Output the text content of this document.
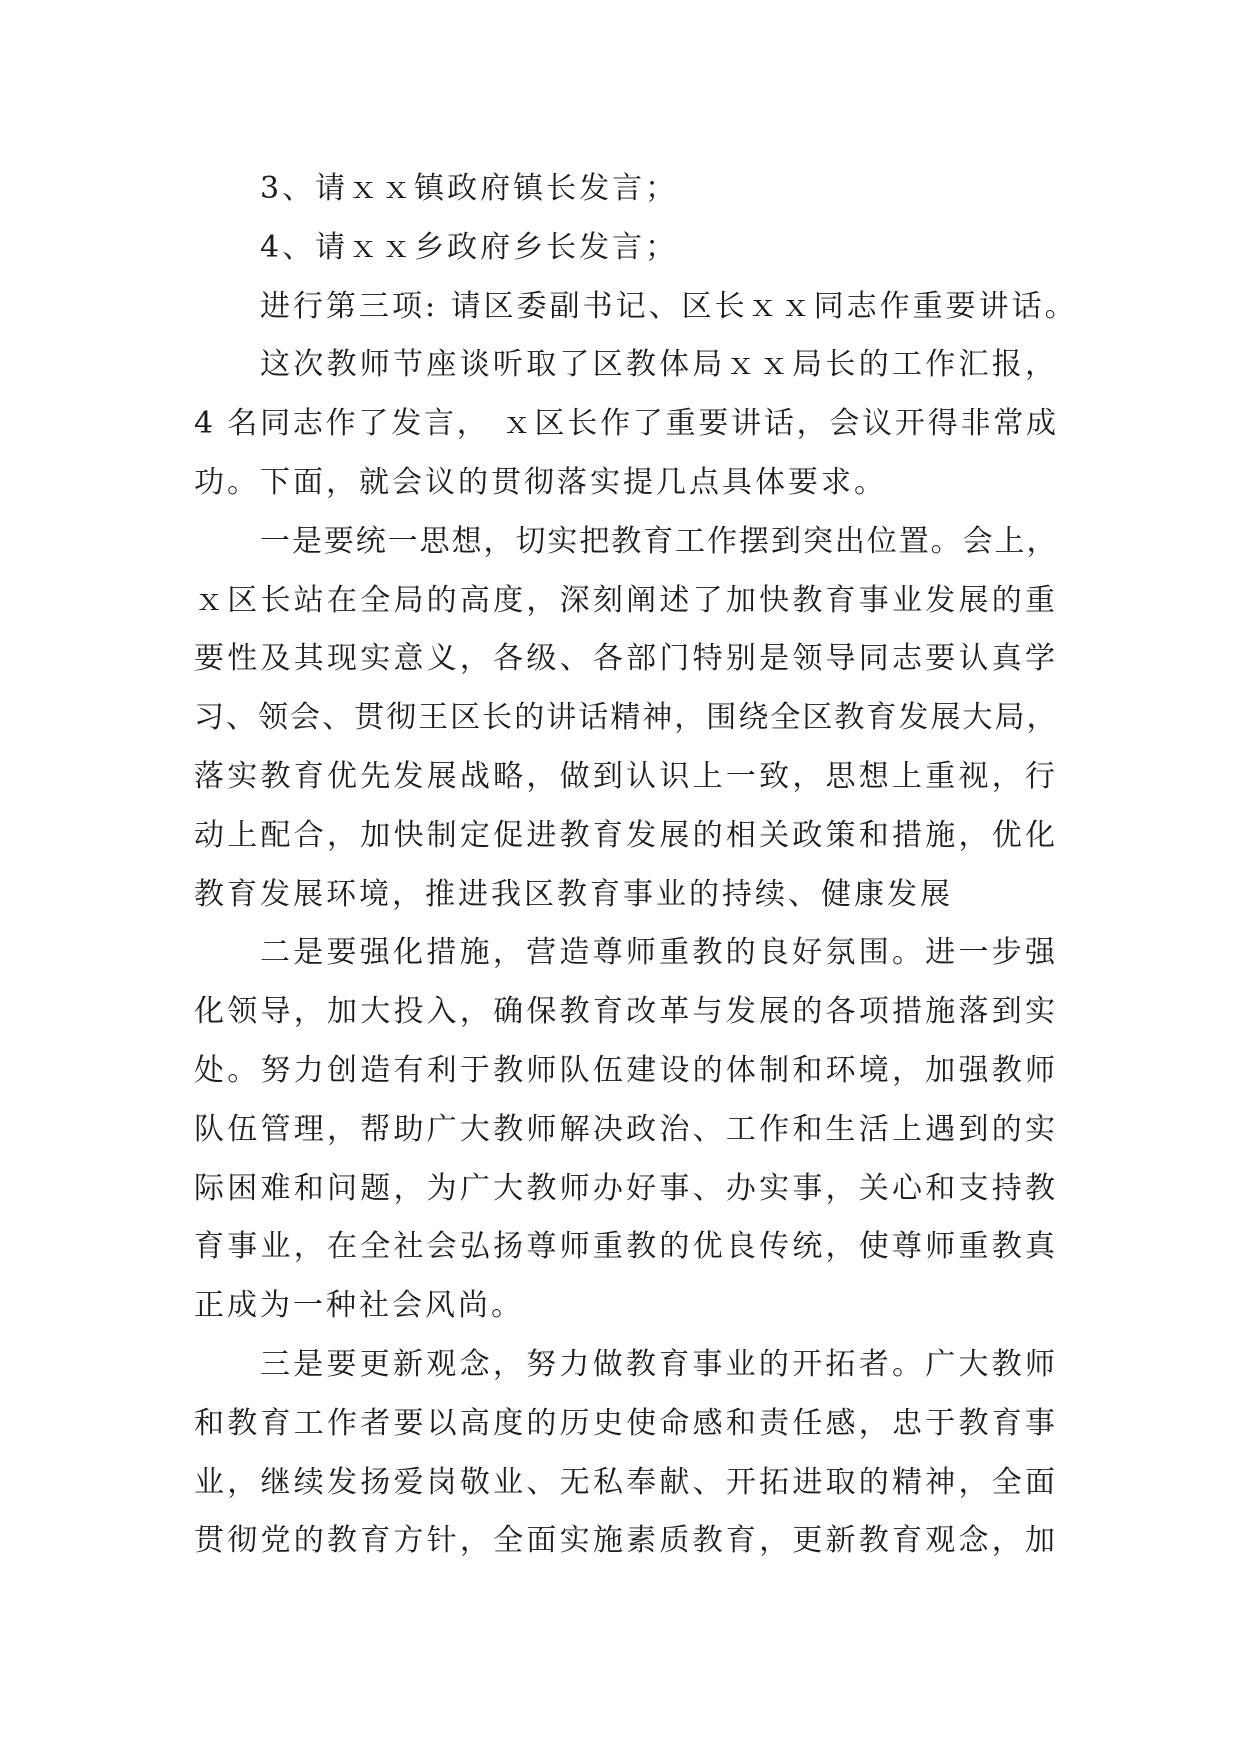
3、请ｘｘ镇政府镇长发言；
4、请ｘｘ乡政府乡长发言；
进行第三项: 请区委副书记、区长ｘｘ同志作重要讲话。
这次教师节座谈听取了区教体局ｘｘ局长的工作汇报，
4 名同志作了发言， ｘ区长作了重要讲话，会议开得非常成
功。下面，就会议的贯彻落实提几点具体要求。
一是要统一思想，切实把教育工作摆到突出位置。会上，
ｘ区长站在全局的高度，深刻阐述了加快教育事业发展的重
要性及其现实意义，各级、各部门特别是领导同志要认真学
习、领会、贯彻王区长的讲话精神，围绕全区教育发展大局，
落实教育优先发展战略，做到认识上一致，思想上重视，行
动上配合，加快制定促进教育发展的相关政策和措施，优化
教育发展环境，推进我区教育事业的持续、健康发展
二是要强化措施，营造尊师重教的良好氛围。进一步强
化领导，加大投入，确保教育改革与发展的各项措施落到实
处。努力创造有利于教师队伍建设的体制和环境，加强教师
队伍管理，帮助广大教师解决政治、工作和生活上遇到的实
际困难和问题，为广大教师办好事、办实事，关心和支持教
育事业，在全社会弘扬尊师重教的优良传统，使尊师重教真
正成为一种社会风尚。
三是要更新观念，努力做教育事业的开拓者。广大教师
和教育工作者要以高度的历史使命感和责任感，忠于教育事
业，继续发扬爱岗敬业、无私奉献、开拓进取的精神，全面
贯彻党的教育方针，全面实施素质教育，更新教育观念，加
